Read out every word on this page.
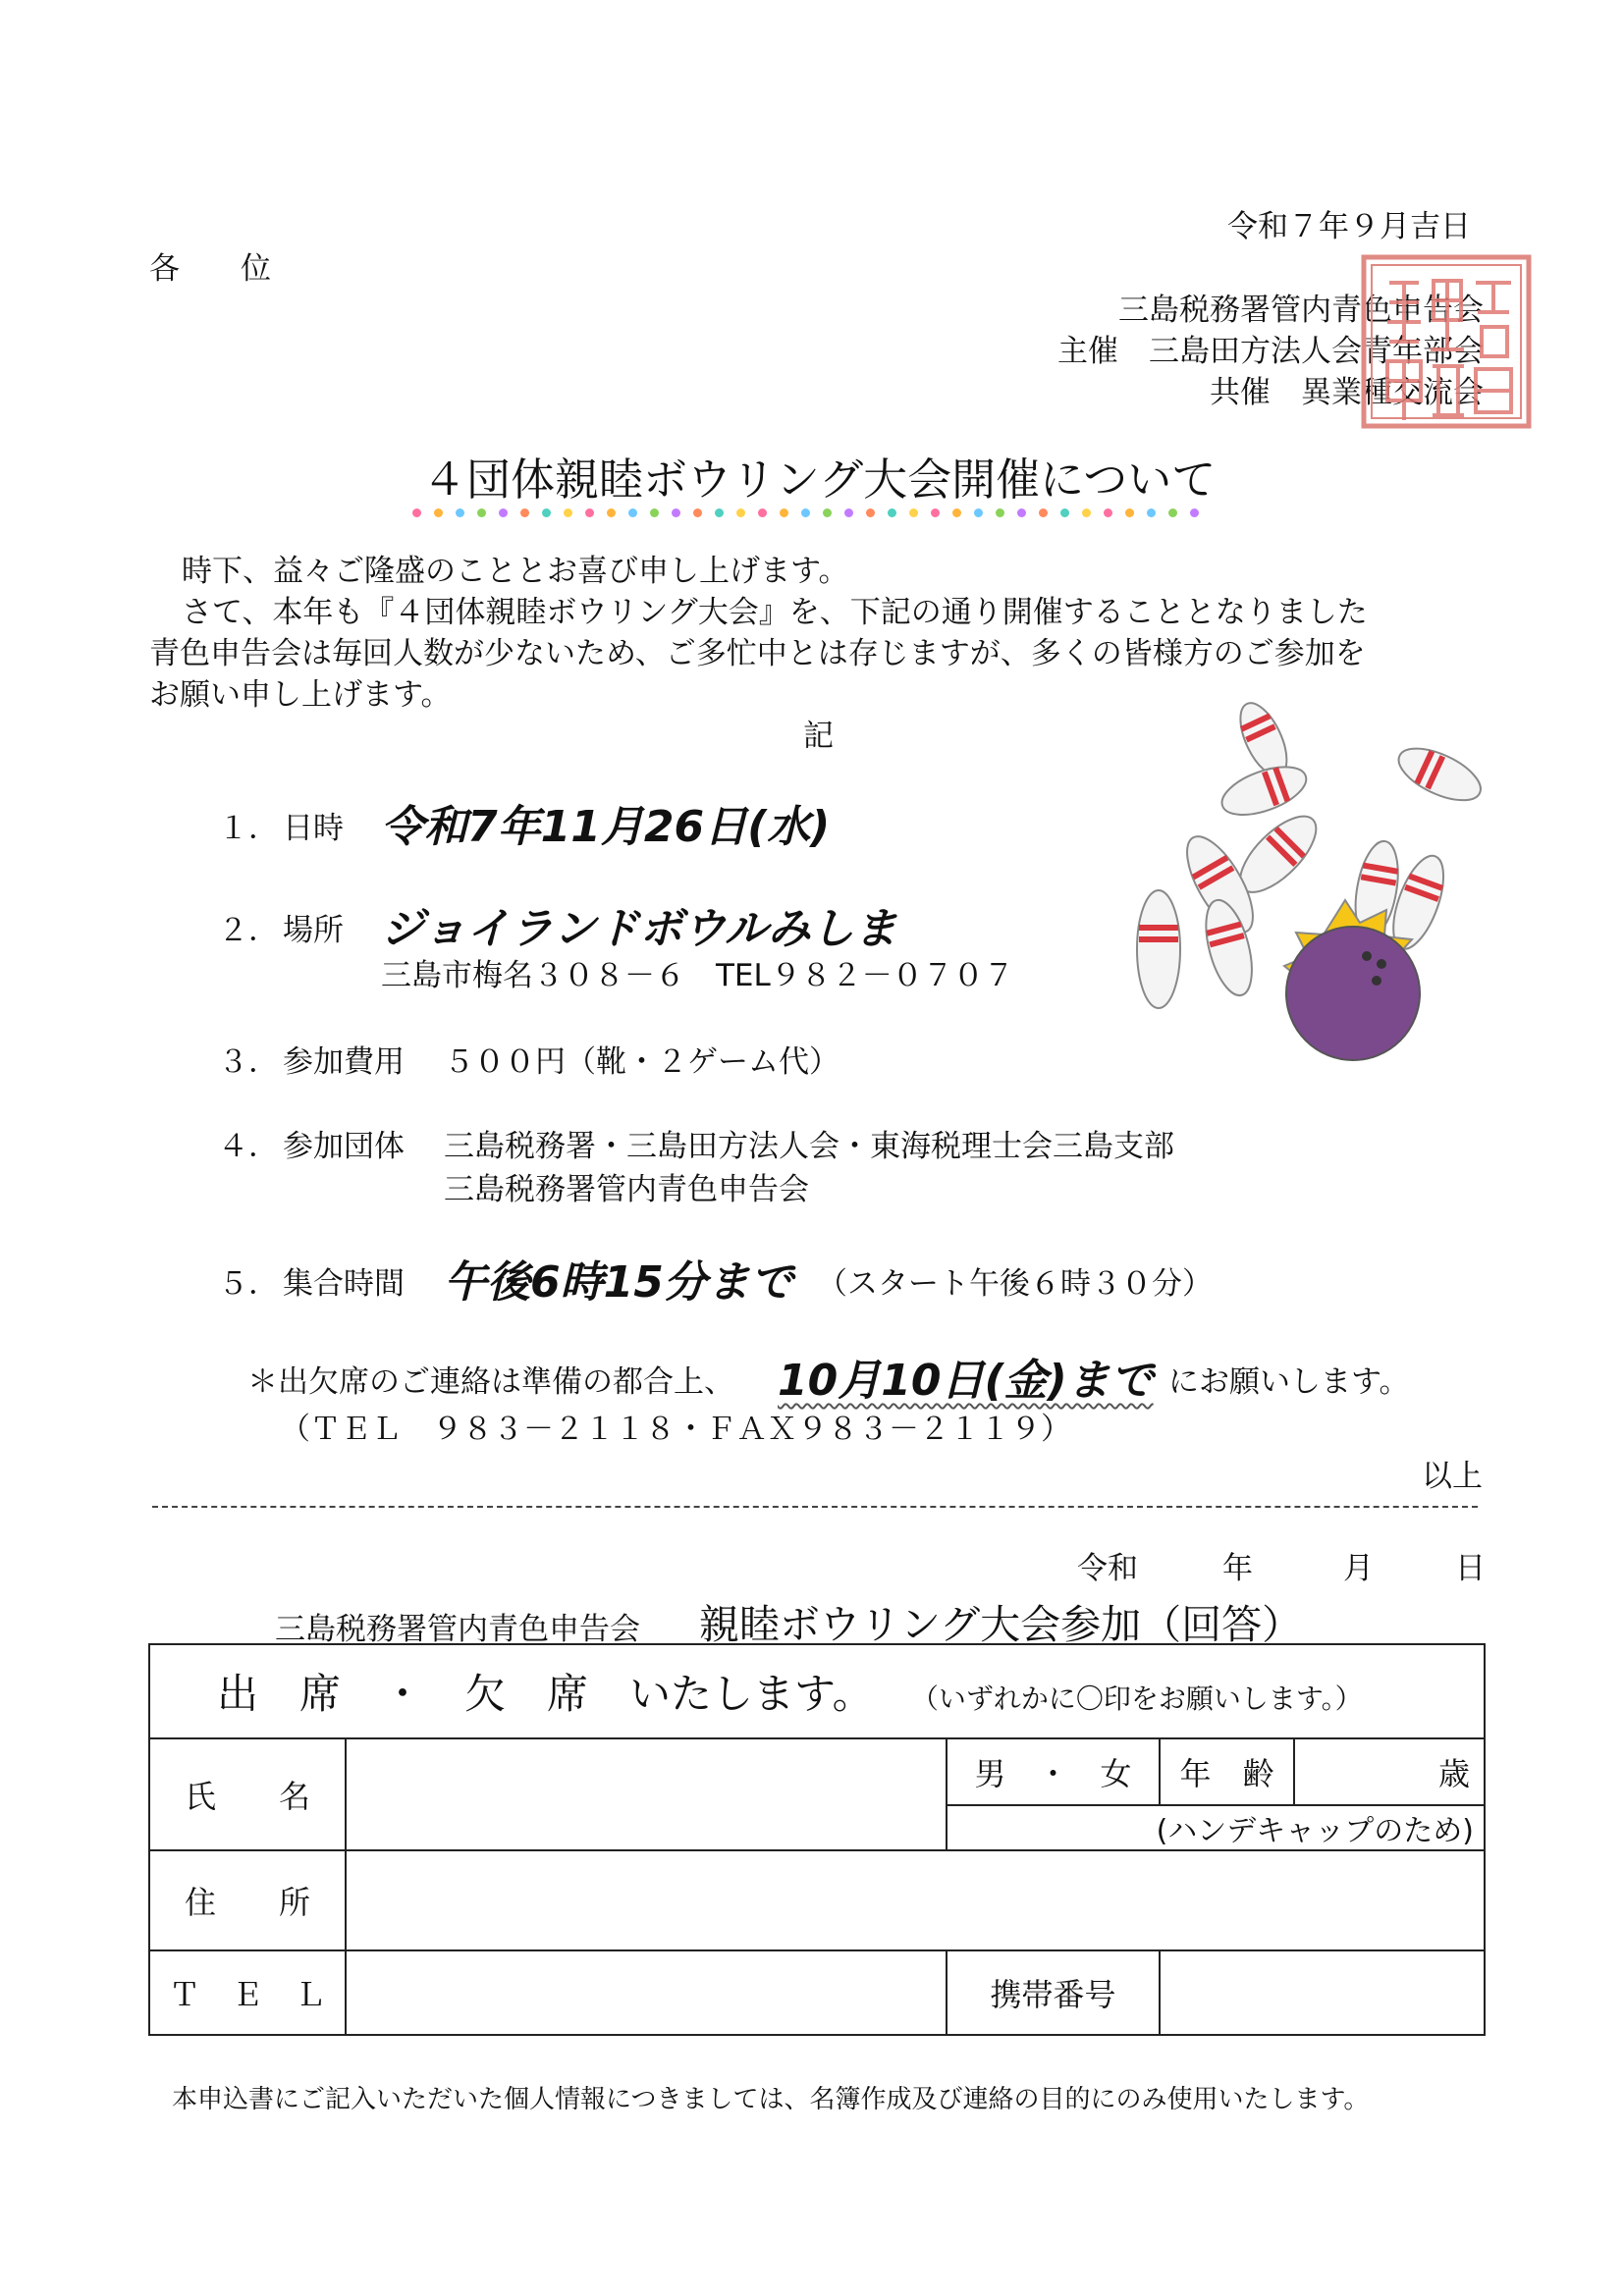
令和７年９月吉日
各　　位
三島税務署管内青色申告会
主催　三島田方法人会青年部会
共催　異業種交流会
４団体親睦ボウリング大会開催について
時下、益々ご隆盛のこととお喜び申し上げます。
さて、本年も『４団体親睦ボウリング大会』を、下記の通り開催することとなりました
青色申告会は毎回人数が少ないため、ご多忙中とは存じますが、多くの皆様方のご参加を
お願い申し上げます。
記
１． 日時 令和7年11月26日(水)
２． 場所 ジョイランドボウルみしま
三島市梅名３０８－６　TEL９８２－０７０７
３． 参加費用 ５００円（靴・２ゲーム代）
４． 参加団体 三島税務署・三島田方法人会・東海税理士会三島支部
三島税務署管内青色申告会
５． 集合時間 午後6時15分まで （スタート午後６時３０分）
＊出欠席のご連絡は準備の都合上、 10月10日(金)まで にお願いします。
（ＴＥＬ　９８３－２１１８・ＦＡＸ９８３－２１１９）
以上
令和	年	月	日
三島税務署管内青色申告会 親睦ボウリング大会参加（回答）
出　席　・　欠　席　いたします。 （いずれかに〇印をお願いします。）				
氏　　名		男　・　女	年　齢	歳
		(ハンデキャップのため)		
住　　所				
Ｔ　Ｅ　Ｌ		携帯番号		
本申込書にご記入いただいた個人情報につきましては、名簿作成及び連絡の目的にのみ使用いたします。
